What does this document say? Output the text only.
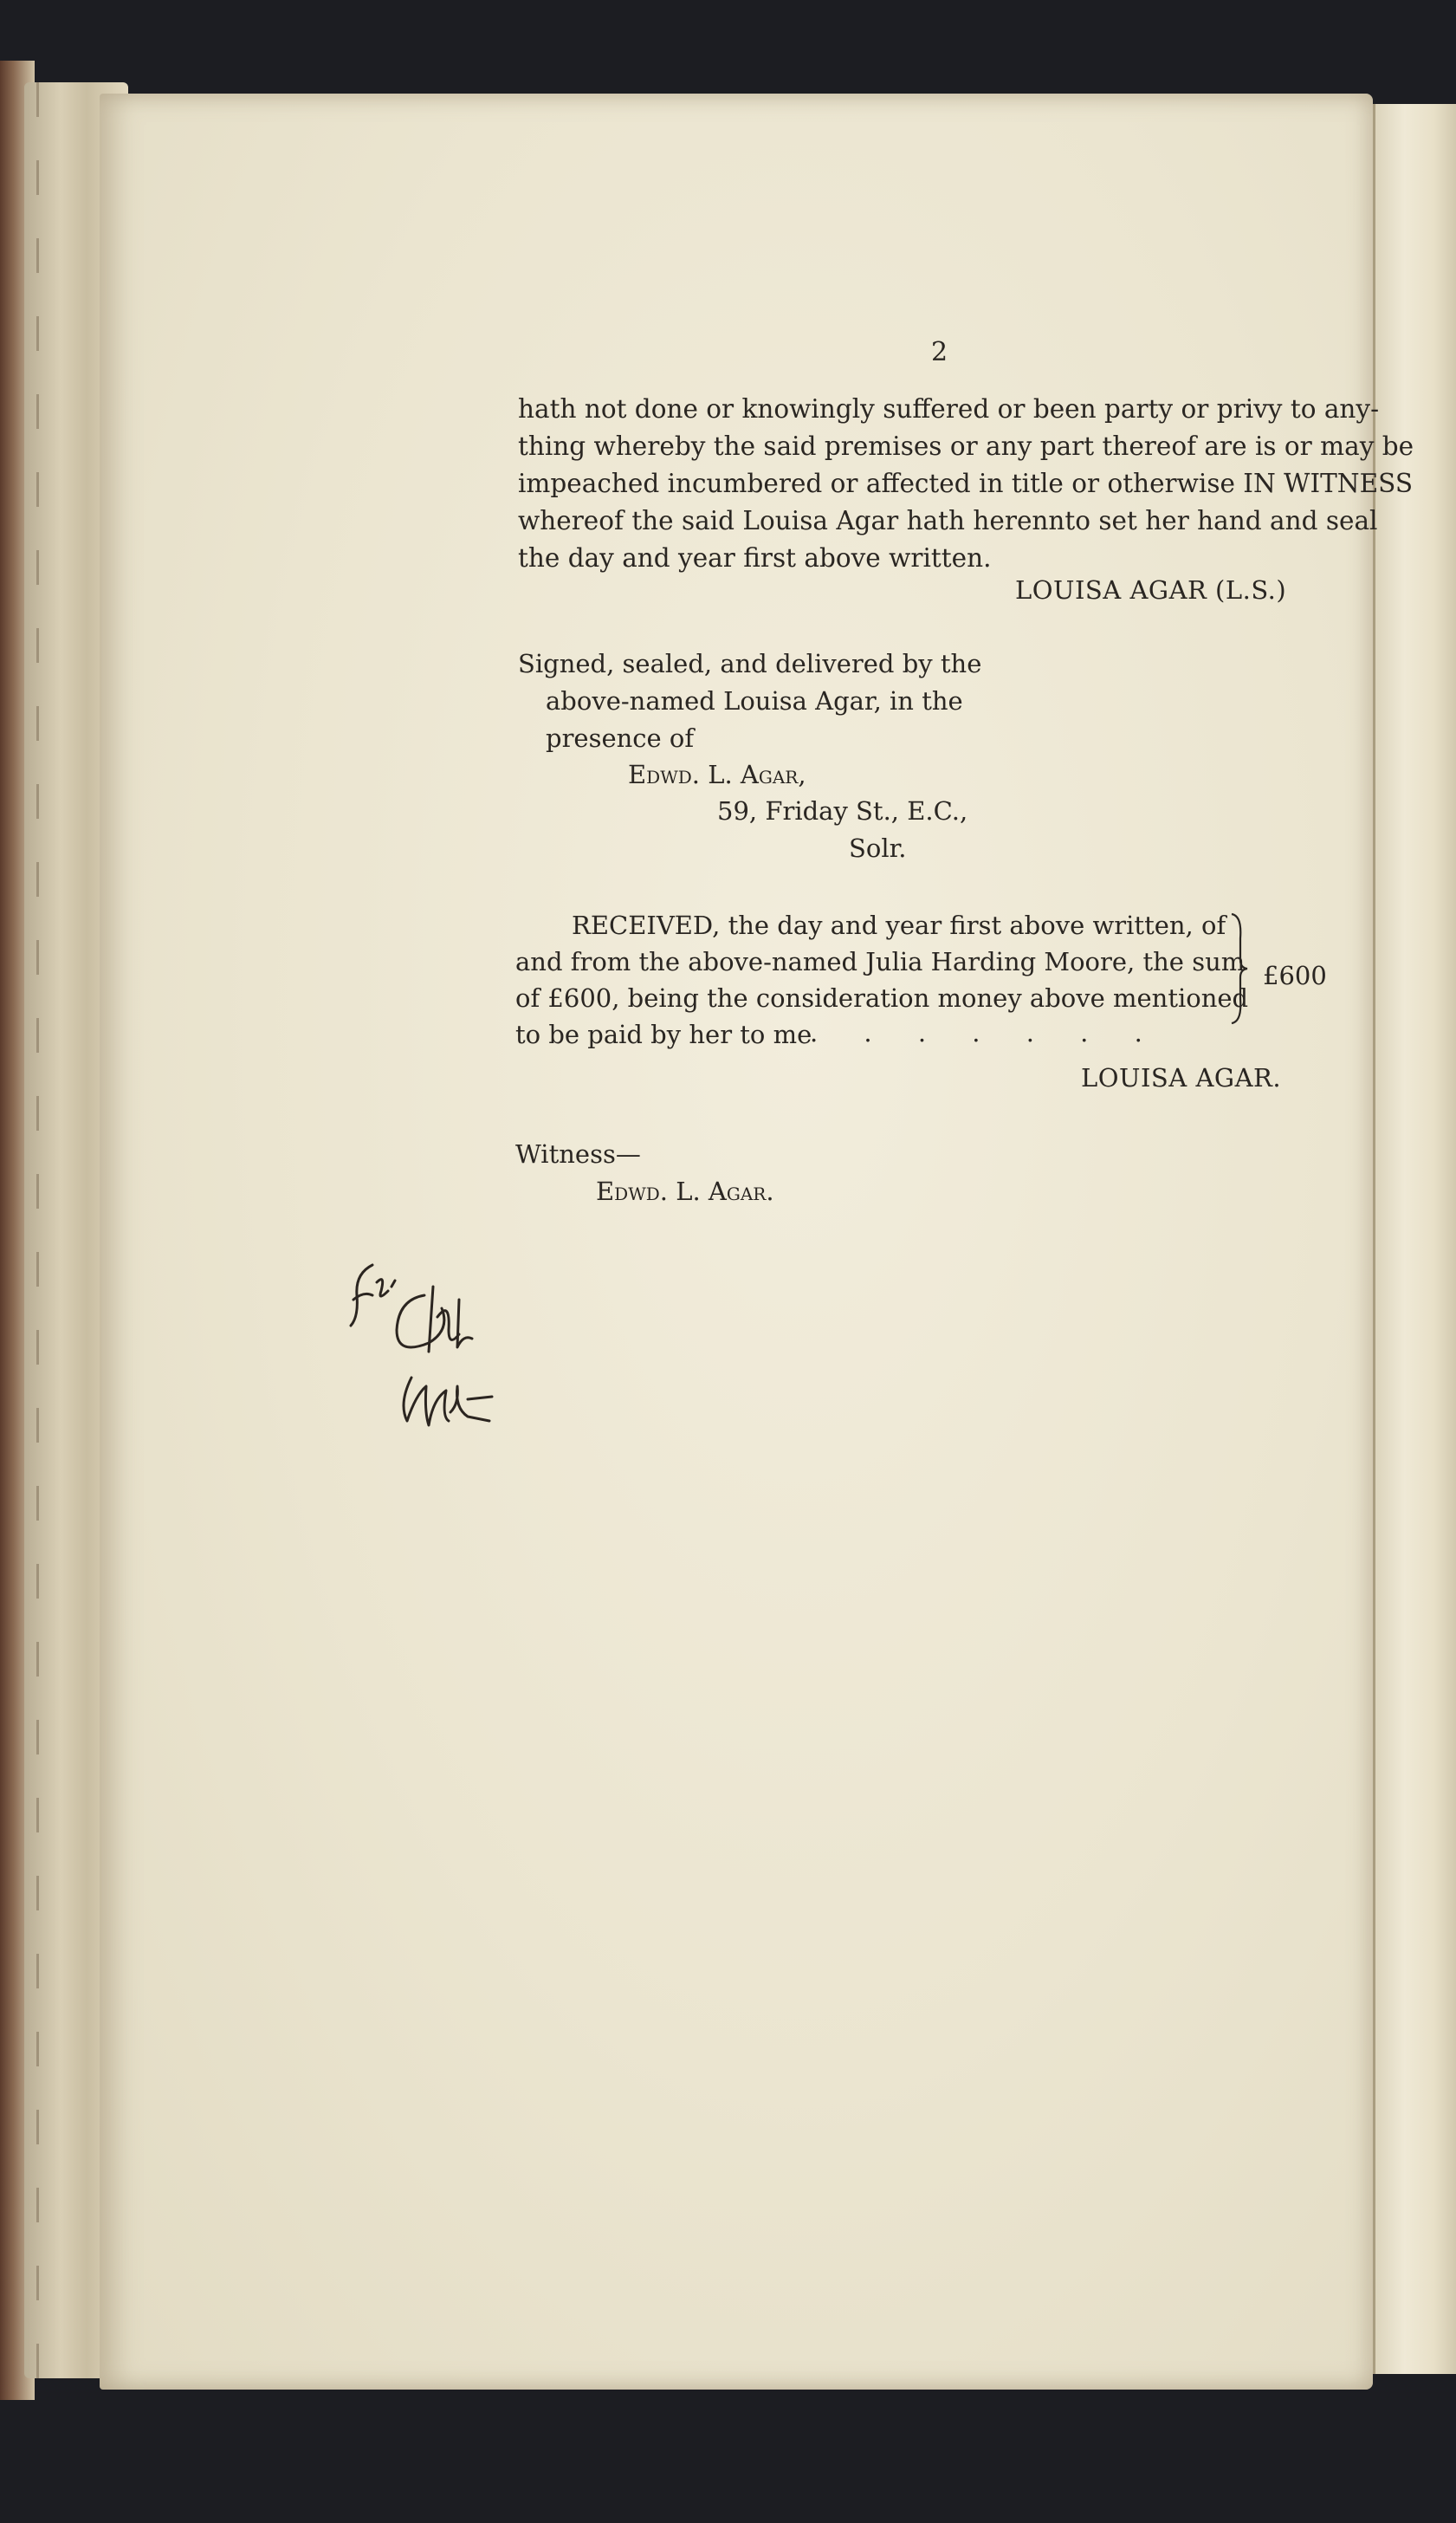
2
hath not done or knowingly suffered or been party or privy to any-
thing whereby the said premises or any part thereof are is or may be
impeached incumbered or affected in title or otherwise IN WITNESS
whereof the said Louisa Agar hath herennto set her hand and seal
the day and year first above written.
LOUISA AGAR (L.S.)
Signed, sealed, and delivered by the
above-named Louisa Agar, in the
presence of
Edwd. L. Agar,
59, Friday St., E.C.,
Solr.
RECEIVED, the day and year first above written, of
and from the above-named Julia Harding Moore, the sum
of £600, being the consideration money above mentioned
to be paid by her to me
. . . . . . .
£600
LOUISA AGAR.
Witness—
Edwd. L. Agar.
